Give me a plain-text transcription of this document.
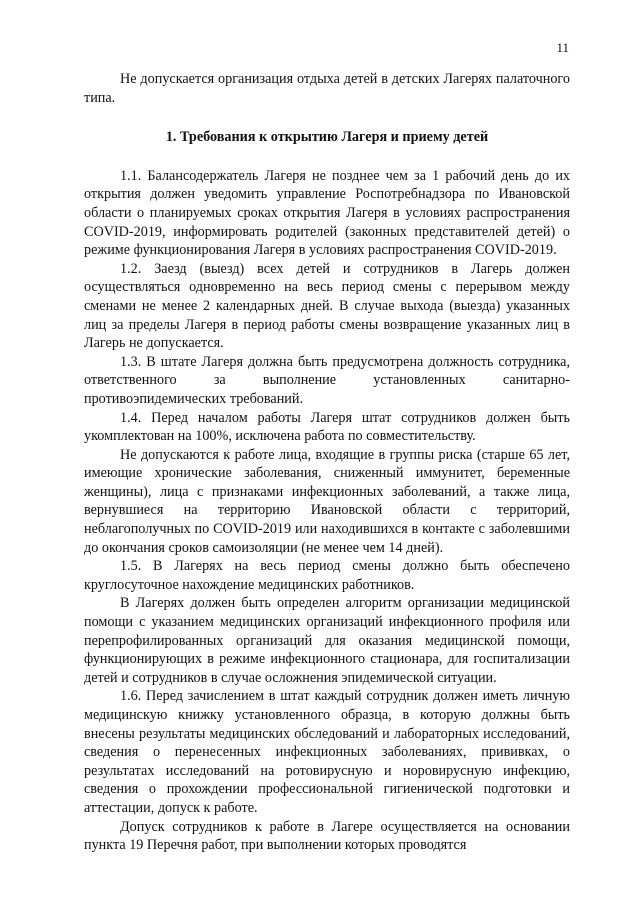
11

Не допускается организация отдыха детей в детских Лагерях палаточного типа.

1. Требования к открытию Лагеря и приему детей

1.1. Балансодержатель Лагеря не позднее чем за 1 рабочий день до их открытия должен уведомить управление Роспотребнадзора по Ивановской области о планируемых сроках открытия Лагеря в условиях распространения COVID-2019, информировать родителей (законных представителей детей) о режиме функционирования Лагеря в условиях распространения COVID-2019.

1.2. Заезд (выезд) всех детей и сотрудников в Лагерь должен осуществляться одновременно на весь период смены с перерывом между сменами не менее 2 календарных дней. В случае выхода (выезда) указанных лиц за пределы Лагеря в период работы смены возвращение указанных лиц в Лагерь не допускается.

1.3. В штате Лагеря должна быть предусмотрена должность сотрудника, ответственного за выполнение установленных санитарно-противоэпидемических требований.

1.4. Перед началом работы Лагеря штат сотрудников должен быть укомплектован на 100%, исключена работа по совместительству.

Не допускаются к работе лица, входящие в группы риска (старше 65 лет, имеющие хронические заболевания, сниженный иммунитет, беременные женщины), лица с признаками инфекционных заболеваний, а также лица, вернувшиеся на территорию Ивановской области с территорий, неблагополучных по COVID-2019 или находившихся в контакте с заболевшими до окончания сроков самоизоляции (не менее чем 14 дней).

1.5. В Лагерях на весь период смены должно быть обеспечено круглосуточное нахождение медицинских работников.

В Лагерях должен быть определен алгоритм организации медицинской помощи с указанием медицинских организаций инфекционного профиля или перепрофилированных организаций для оказания медицинской помощи, функционирующих в режиме инфекционного стационара, для госпитализации детей и сотрудников в случае осложнения эпидемической ситуации.

1.6. Перед зачислением в штат каждый сотрудник должен иметь личную медицинскую книжку установленного образца, в которую должны быть внесены результаты медицинских обследований и лабораторных исследований, сведения о перенесенных инфекционных заболеваниях, прививках, о результатах исследований на ротовирусную и норовирусную инфекцию, сведения о прохождении профессиональной гигиенической подготовки и аттестации, допуск к работе.

Допуск сотрудников к работе в Лагере осуществляется на основании пункта 19 Перечня работ, при выполнении которых проводятся
